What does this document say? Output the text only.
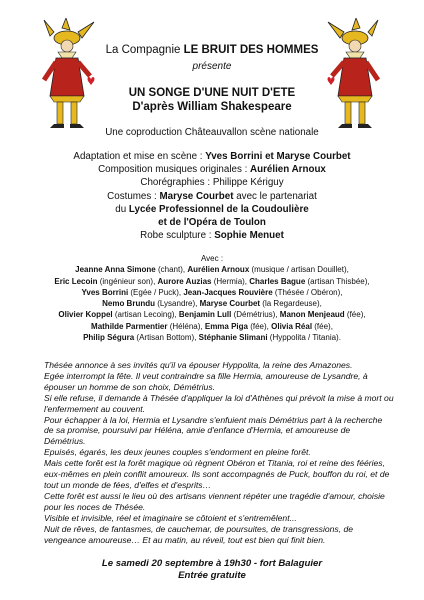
La Compagnie LE BRUIT DES HOMMES
présente
UN SONGE D'UNE NUIT D'ETE
D'après William Shakespeare
Une coproduction Châteauvallon scène nationale
Adaptation et mise en scène : Yves Borrini et Maryse Courbet
Composition musiques originales : Aurélien Arnoux
Chorégraphies : Philippe Kériguy
Costumes : Maryse Courbet avec le partenariat
du Lycée Professionnel de la Coudoulière
et de l'Opéra de Toulon
Robe sculpture : Sophie Menuet
Avec :
Jeanne Anna Simone (chant), Aurélien Arnoux (musique / artisan Douillet),
Eric Lecoin (ingénieur son), Aurore Auzias (Hermia), Charles Bague (artisan Thisbée),
Yves Borrini (Egée / Puck), Jean-Jacques Rouvière (Thésée / Obéron),
Nemo Brundu (Lysandre), Maryse Courbet (la Regardeuse),
Olivier Koppel (artisan Lecoing), Benjamin Lull (Démétrius), Manon Menjeaud (fée),
Mathilde Parmentier (Héléna), Emma Piga (fée), Olivia Réal (fée),
Philip Ségura (Artisan Bottom), Stéphanie Slimani (Hyppolita / Titania).

Thésée annonce à ses invités qu'il va épouser Hyppolita, la reine des Amazones.

Egée interrompt la fête. Il veut contraindre sa fille Hermia, amoureuse de Lysandre, à épouser un homme de son choix, Démétrius.

Si elle refuse, il demande à Thésée d'appliquer la loi d'Athènes qui prévoit la mise à mort ou l'enfermement au couvent.

Pour échapper à la loi, Hermia et Lysandre s'enfuient mais Démétrius part à la recherche de sa promise, poursuivi par Héléna, amie d'enfance d'Hermia, et amoureuse de Démétrius.

Epuisés, égarés, les deux jeunes couples s'endorment en pleine forêt.

Mais cette forêt est la forêt magique où règnent Obéron et Titania, roi et reine des fééries, eux-mêmes en plein conflit amoureux. Ils sont accompagnés de Puck, bouffon du roi, et de tout un monde de fées, d'elfes et d'esprits…

Cette forêt est aussi le lieu où des artisans viennent répéter une tragédie d'amour, choisie pour les noces de Thésée.

Visible et invisible, réel et imaginaire se côtoient et s'entremêlent...

Nuit de rêves, de fantasmes, de cauchemar, de poursuites, de transgressions, de vengeance amoureuse… Et au matin, au réveil, tout est bien qui finit bien.

Le samedi 20 septembre à 19h30 - fort Balaguier
Entrée gratuite
